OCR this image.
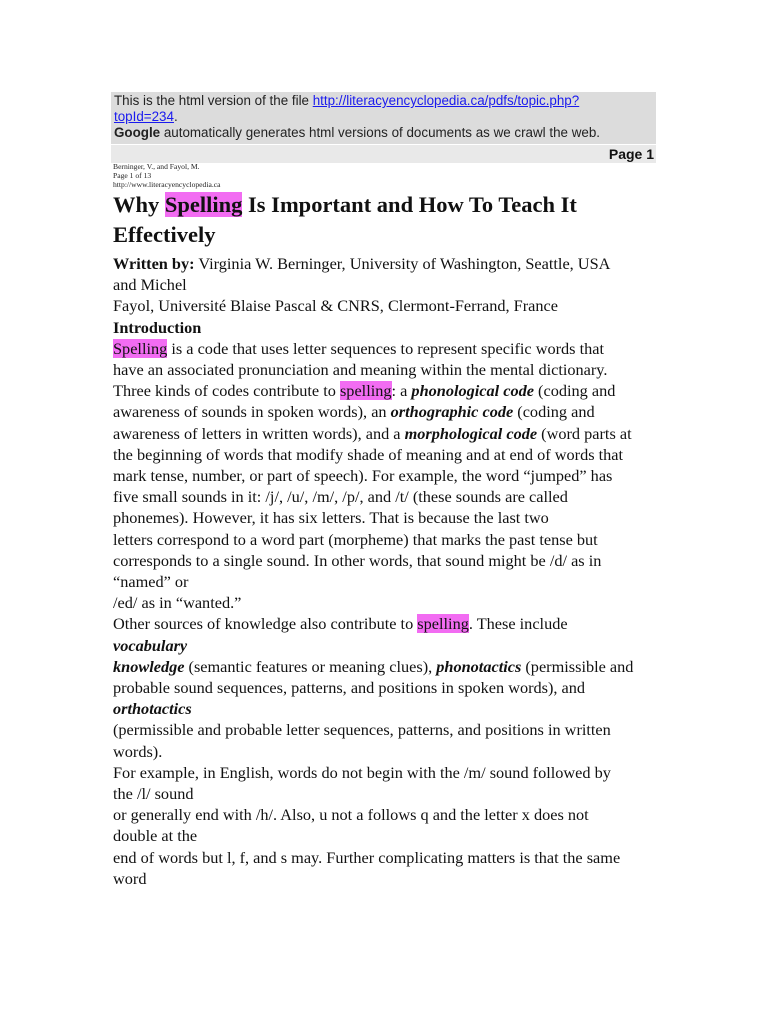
This is the html version of the file http://literacyencyclopedia.ca/pdfs/topic.php?
topId=234.
Google automatically generates html versions of documents as we crawl the web.
Page 1
Berninger, V., and Fayol, M.
Page 1 of 13
http://www.literacyencyclopedia.ca
Why Spelling Is Important and How To Teach It
Effectively
Written by: Virginia W. Berninger, University of Washington, Seattle, USA
and Michel
Fayol, Université Blaise Pascal & CNRS, Clermont-Ferrand, France
Introduction
Spelling is a code that uses letter sequences to represent specific words that
have an associated pronunciation and meaning within the mental dictionary.
Three kinds of codes contribute to spelling: a phonological code (coding and
awareness of sounds in spoken words), an orthographic code (coding and
awareness of letters in written words), and a morphological code (word parts at
the beginning of words that modify shade of meaning and at end of words that
mark tense, number, or part of speech). For example, the word “jumped” has
five small sounds in it: /j/, /u/, /m/, /p/, and /t/ (these sounds are called
phonemes). However, it has six letters. That is because the last two
letters correspond to a word part (morpheme) that marks the past tense but
corresponds to a single sound. In other words, that sound might be /d/ as in
“named” or
/ed/ as in “wanted.”
Other sources of knowledge also contribute to spelling. These include
vocabulary
knowledge (semantic features or meaning clues), phonotactics (permissible and
probable sound sequences, patterns, and positions in spoken words), and
orthotactics
(permissible and probable letter sequences, patterns, and positions in written
words).
For example, in English, words do not begin with the /m/ sound followed by
the /l/ sound
or generally end with /h/. Also, u not a follows q and the letter x does not
double at the
end of words but l, f, and s may. Further complicating matters is that the same
word
